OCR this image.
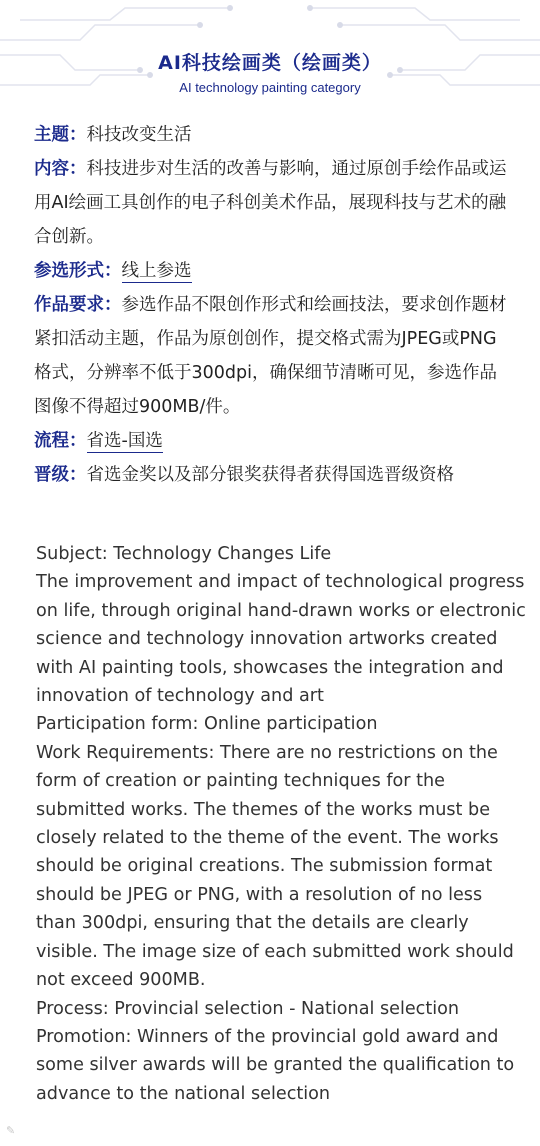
AI科技绘画类（绘画类）
AI technology painting category

主题：科技改变生活

内容：科技进步对生活的改善与影响，通过原创手绘作品或运用AI绘画工具创作的电子科创美术作品，展现科技与艺术的融合创新。

参选形式：线上参选

作品要求：参选作品不限创作形式和绘画技法，要求创作题材紧扣活动主题，作品为原创创作，提交格式需为JPEG或PNG格式，分辨率不低于300dpi，确保细节清晰可见，参选作品图像不得超过900MB/件。

流程：省选-国选

晋级：省选金奖以及部分银奖获得者获得国选晋级资格

Subject: Technology Changes Life

The improvement and impact of technological progress on life, through original hand-drawn works or electronic science and technology innovation artworks created with AI painting tools, showcases the integration and innovation of technology and art

Participation form: Online participation

Work Requirements: There are no restrictions on the form of creation or painting techniques for the submitted works. The themes of the works must be closely related to the theme of the event. The works should be original creations. The submission format should be JPEG or PNG, with a resolution of no less than 300dpi, ensuring that the details are clearly visible. The image size of each submitted work should not exceed 900MB.

Process: Provincial selection - National selection

Promotion: Winners of the provincial gold award and some silver awards will be granted the qualification to advance to the national selection

✎
